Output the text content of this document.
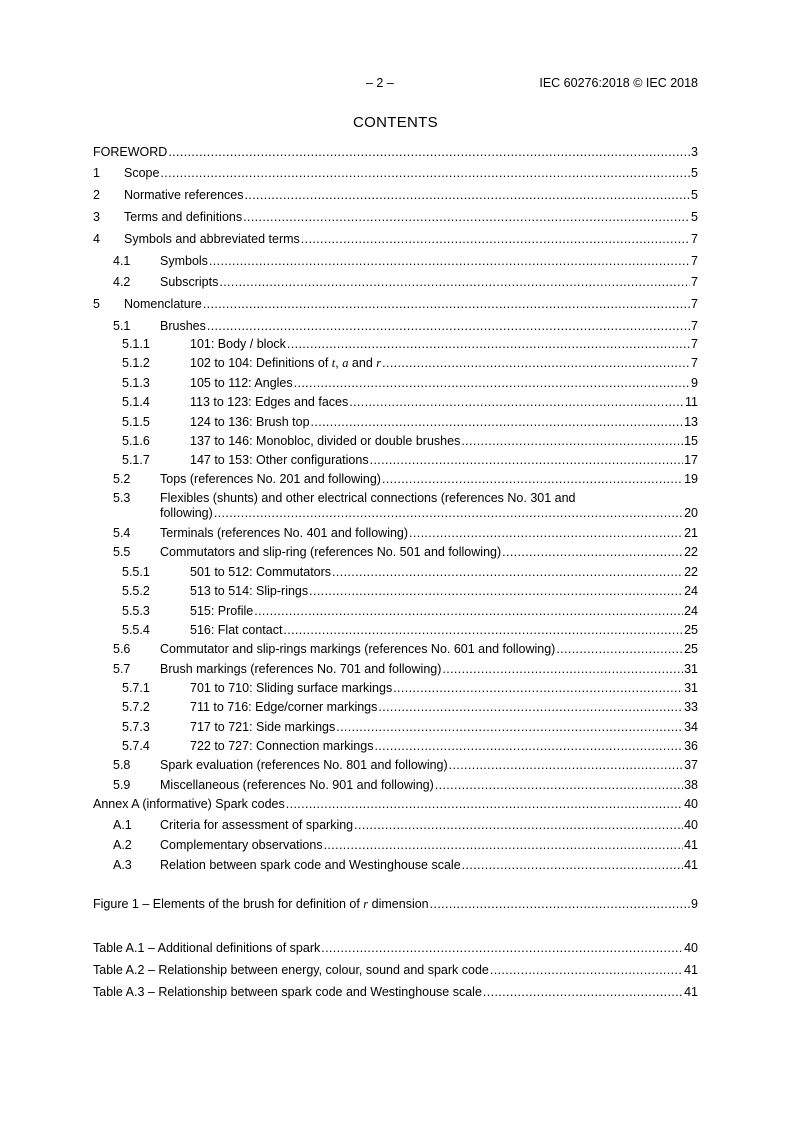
– 2 –	IEC 60276:2018 © IEC 2018
CONTENTS
FOREWORD . . .	3
1 Scope . . .	5
2 Normative references . . .	5
3 Terms and definitions . . .	5
4 Symbols and abbreviated terms . . .	7
4.1 Symbols . . .	7
4.2 Subscripts . . .	7
5 Nomenclature . . .	7
5.1 Brushes . . .	7
5.1.1	101: Body / block . . .	7
5.1.2	102 to 104: Definitions of t, a and r . . .	7
5.1.3	105 to 112: Angles . . .	9
5.1.4	113 to 123: Edges and faces . . .	11
5.1.5	124 to 136: Brush top . . .	13
5.1.6	137 to 146: Monobloc, divided or double brushes . . .	15
5.1.7	147 to 153: Other configurations . . .	17
5.2 Tops (references No. 201 and following) . . .	19
5.3 Flexibles (shunts) and other electrical connections (references No. 301 and
following) . . .	20
5.4 Terminals (references No. 401 and following) . . .	21
5.5 Commutators and slip-ring (references No. 501 and following) . . .	22
5.5.1	501 to 512: Commutators . . .	22
5.5.2	513 to 514: Slip-rings . . .	24
5.5.3	515: Profile . . .	24
5.5.4	516: Flat contact . . .	25
5.6 Commutator and slip-rings markings (references No. 601 and following) . . .	25
5.7 Brush markings (references No. 701 and following) . . .	31
5.7.1	701 to 710: Sliding surface markings . . .	31
5.7.2	711 to 716: Edge/corner markings . . .	33
5.7.3	717 to 721: Side markings . . .	34
5.7.4	722 to 727: Connection markings . . .	36
5.8 Spark evaluation (references No. 801 and following) . . .	37
5.9 Miscellaneous (references No. 901 and following) . . .	38
Annex A (informative) Spark codes . . .	40
A.1 Criteria for assessment of sparking . . .	40
A.2 Complementary observations . . .	41
A.3 Relation between spark code and Westinghouse scale . . .	41
Figure 1 – Elements of the brush for definition of r dimension . . .	9
Table A.1 – Additional definitions of spark . . .	40
Table A.2 – Relationship between energy, colour, sound and spark code . . .	41
Table A.3 – Relationship between spark code and Westinghouse scale . . .	41
